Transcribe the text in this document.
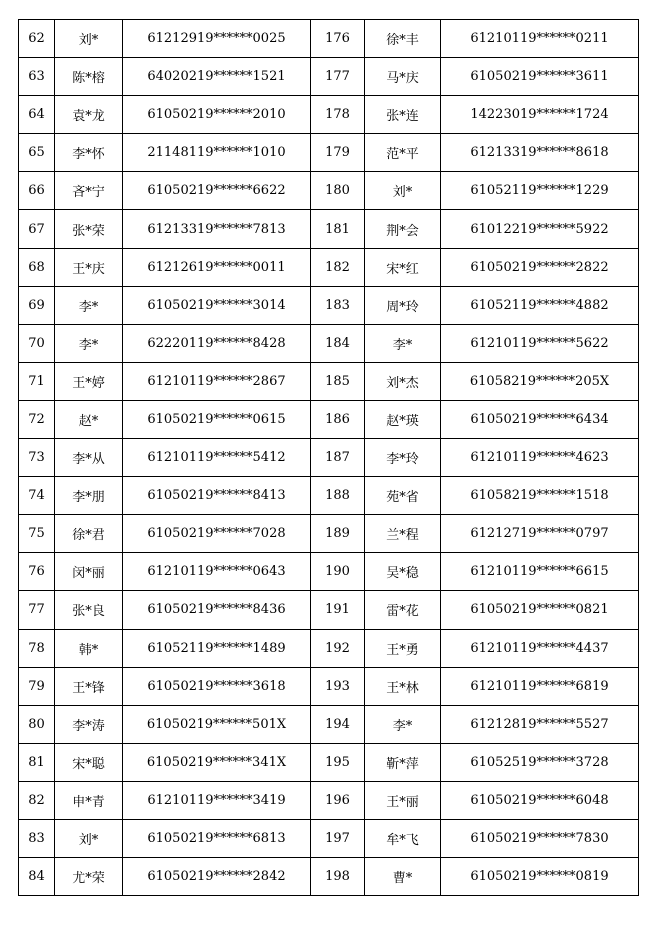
62	刘*	61212919******0025	176	徐*丰	61210119******0211
63	陈*榕	64020219******1521	177	马*庆	61050219******3611
64	袁*龙	61050219******2010	178	张*连	14223019******1724
65	李*怀	21148119******1010	179	范*平	61213319******8618
66	吝*宁	61050219******6622	180	刘*	61052119******1229
67	张*荣	61213319******7813	181	荆*会	61012219******5922
68	王*庆	61212619******0011	182	宋*红	61050219******2822
69	李*	61050219******3014	183	周*玲	61052119******4882
70	李*	62220119******8428	184	李*	61210119******5622
71	王*婷	61210119******2867	185	刘*杰	61058219******205X
72	赵*	61050219******0615	186	赵*瑛	61050219******6434
73	李*从	61210119******5412	187	李*玲	61210119******4623
74	李*朋	61050219******8413	188	苑*省	61058219******1518
75	徐*君	61050219******7028	189	兰*程	61212719******0797
76	闵*丽	61210119******0643	190	吴*稳	61210119******6615
77	张*良	61050219******8436	191	雷*花	61050219******0821
78	韩*	61052119******1489	192	王*勇	61210119******4437
79	王*锋	61050219******3618	193	王*林	61210119******6819
80	李*涛	61050219******501X	194	李*	61212819******5527
81	宋*聪	61050219******341X	195	靳*萍	61052519******3728
82	申*青	61210119******3419	196	王*丽	61050219******6048
83	刘*	61050219******6813	197	牟*飞	61050219******7830
84	尤*荣	61050219******2842	198	曹*	61050219******0819
